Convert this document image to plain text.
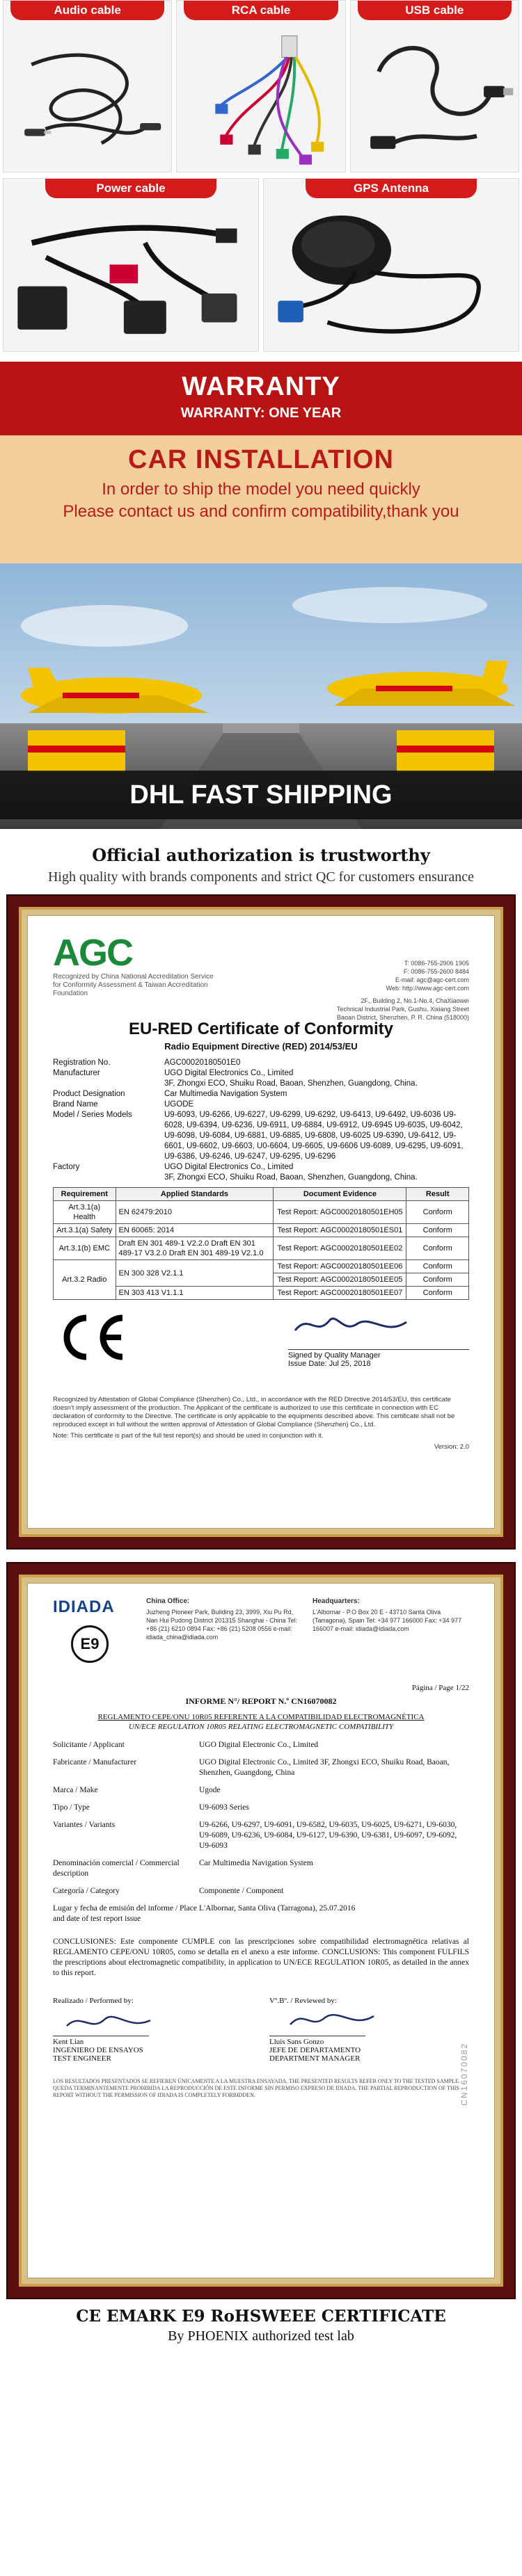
Audio cable	RCA cable	USB cable
Power cable	GPS Antenna
WARRANTY

WARRANTY: ONE YEAR

CAR INSTALLATION

In order to ship the model you need quickly

Please contact us and confirm compatibility,thank you

DHL FAST SHIPPING
Official authorization is trustworthy

High quality with brands components and strict QC for customers ensurance

AGC
Recognized by China National Accreditation Service for Conformity Assessment & Taiwan Accreditation Foundation
T: 0086-755-2906 1905
F: 0086-755-2600 8484
E-mail: agc@agc-cert.com
Web: http://www.agc-cert.com
2F., Building 2, No.1-No.4, ChaXiaowei
Technical Industrial Park, Gushu, Xixiang Street
Baoan District, Shenzhen, P. R. China (518000)
EU-RED Certificate of Conformity
Radio Equipment Directive (RED) 2014/53/EU
Registration No.	AGC00020180501E0
Manufacturer	UGO Digital Electronics Co., Limited
3F, Zhongxi ECO, Shuiku Road, Baoan, Shenzhen, Guangdong, China.
Product Designation	Car Multimedia Navigation System
Brand Name	UGODE
Model / Series Models	U9-6093, U9-6266, U9-6227, U9-6299, U9-6292, U9-6413, U9-6492, U9-6036 U9-6028, U9-6394, U9-6236, U9-6911, U9-6884, U9-6912, U9-6945 U9-6035, U9-6042, U9-6098, U9-6084, U9-6881, U9-6885, U9-6808, U9-6025 U9-6390, U9-6412, U9-6601, U9-6602, U9-6603, U0-6604, U9-6605, U9-6606 U9-6089, U9-6295, U9-6091, U9-6386, U9-6246, U9-6247, U9-6295, U9-6296
Factory	UGO Digital Electronics Co., Limited
3F, Zhongxi ECO, Shuiku Road, Baoan, Shenzhen, Guangdong, China.
Requirement	Applied Standards	Document Evidence	Result
Art.3.1(a) Health	EN 62479:2010	Test Report: AGC00020180501EH05	Conform
Art.3.1(a) Safety	EN 60065: 2014	Test Report: AGC00020180501ES01	Conform
Art.3.1(b) EMC	Draft EN 301 489-1 V2.2.0 Draft EN 301 489-17 V3.2.0 Draft EN 301 489-19 V2.1.0	Test Report: AGC00020180501EE02	Conform
Art.3.2 Radio	EN 300 328 V2.1.1	Test Report: AGC00020180501EE06	Conform
		Test Report: AGC00020180501EE05	Conform
	EN 303 413 V1.1.1	Test Report: AGC00020180501EE07	Conform
Signed by Quality Manager
Issue Date: Jul 25, 2018
Recognized by Attestation of Global Compliance (Shenzhen) Co., Ltd., in accordance with the RED Directive 2014/53/EU, this certificate doesn't imply assessment of the production. The Applicant of the certificate is authorized to use this certificate in connection with EC declaration of conformity to the Directive. The certificate is only applicable to the equipments described above. This certificate shall not be reproduced except in full without the written approval of Attestation of Global Compliance (Shenzhen) Co., Ltd.
Note: This certificate is part of the full test report(s) and should be used in conjunction with it.
Version: 2.0
IDIADA
E9
China Office:
Juzheng Pioneer Park, Building 23, 3999, Xiu Pu Rd, Nan Hui Pudong District 201315 Shanghai - China Tel: +86 (21) 6210 0894 Fax: +86 (21) 5208 0556 e-mail: idiada_china@idiada.com
Headquarters:
L'Albornar - P.O Box 20 E - 43710 Santa Oliva (Tarragona), Spain Tel: +34 977 166000 Fax: +34 977 166007 e-mail: idiada@idiada.com
Página / Page 1/22
INFORME N°/ REPORT N.º CN16070082
REGLAMENTO CEPE/ONU 10R05 REFERENTE A LA COMPATIBILIDAD ELECTROMAGNÉTICA
UN/ECE REGULATION 10R05 RELATING ELECTROMAGNETIC COMPATIBILITY
Solicitante / Applicant	UGO Digital Electronic Co., Limited
Fabricante / Manufacturer	UGO Digital Electronic Co., Limited 3F, Zhongxi ECO, Shuiku Road, Baoan, Shenzhen, Guangdong, China
Marca / Make	Ugode
Tipo / Type	U9-6093 Series
Variantes / Variants	U9-6266, U9-6297, U9-6091, U9-6582, U9-6035, U9-6025, U9-6271, U9-6030, U9-6089, U9-6236, U9-6084, U9-6127, U9-6390, U9-6381, U9-6097, U9-6092, U9-6093
Denominación comercial / Commercial description
Car Multimedia Navigation System
Categoría / Category	Componente / Component
Lugar y fecha de emisión del informe / Place and date of test report issue
L'Albornar, Santa Oliva (Tarragona), 25.07.2016
CONCLUSIONES: Este componente CUMPLE con las prescripciones sobre compatibilidad electromagnética relativas al REGLAMENTO CEPE/ONU 10R05, como se detalla en el anexo a este informe. CONCLUSIONS: This component FULFILS the prescriptions about electromagnetic compatibility, in application to UN/ECE REGULATION 10R05, as detailed in the annex to this report.
Realizado / Performed by:
Kent Lian
INGENIERO DE ENSAYOS TEST ENGINEER
Vº.Bº. / Reviewed by:
Lluis Sans Gonzo
JEFE DE DEPARTAMENTO DEPARTMENT MANAGER
LOS RESULTADOS PRESENTADOS SE REFIEREN ÚNICAMENTE A LA MUESTRA ENSAYADA. THE PRESENTED RESULTS REFER ONLY TO THE TESTED SAMPLE. QUEDA TERMINANTEMENTE PROHIBIDA LA REPRODUCCIÓN DE ESTE INFORME SIN PERMISO EXPRESO DE IDIADA. THE PARTIAL REPRODUCTION OF THIS REPORT WITHOUT THE PERMISSION OF IDIADA IS COMPLETELY FORBIDDEN.	CN16070082
CE EMARK E9 RoHSWEEE CERTIFICATE

By PHOENIX authorized test lab
